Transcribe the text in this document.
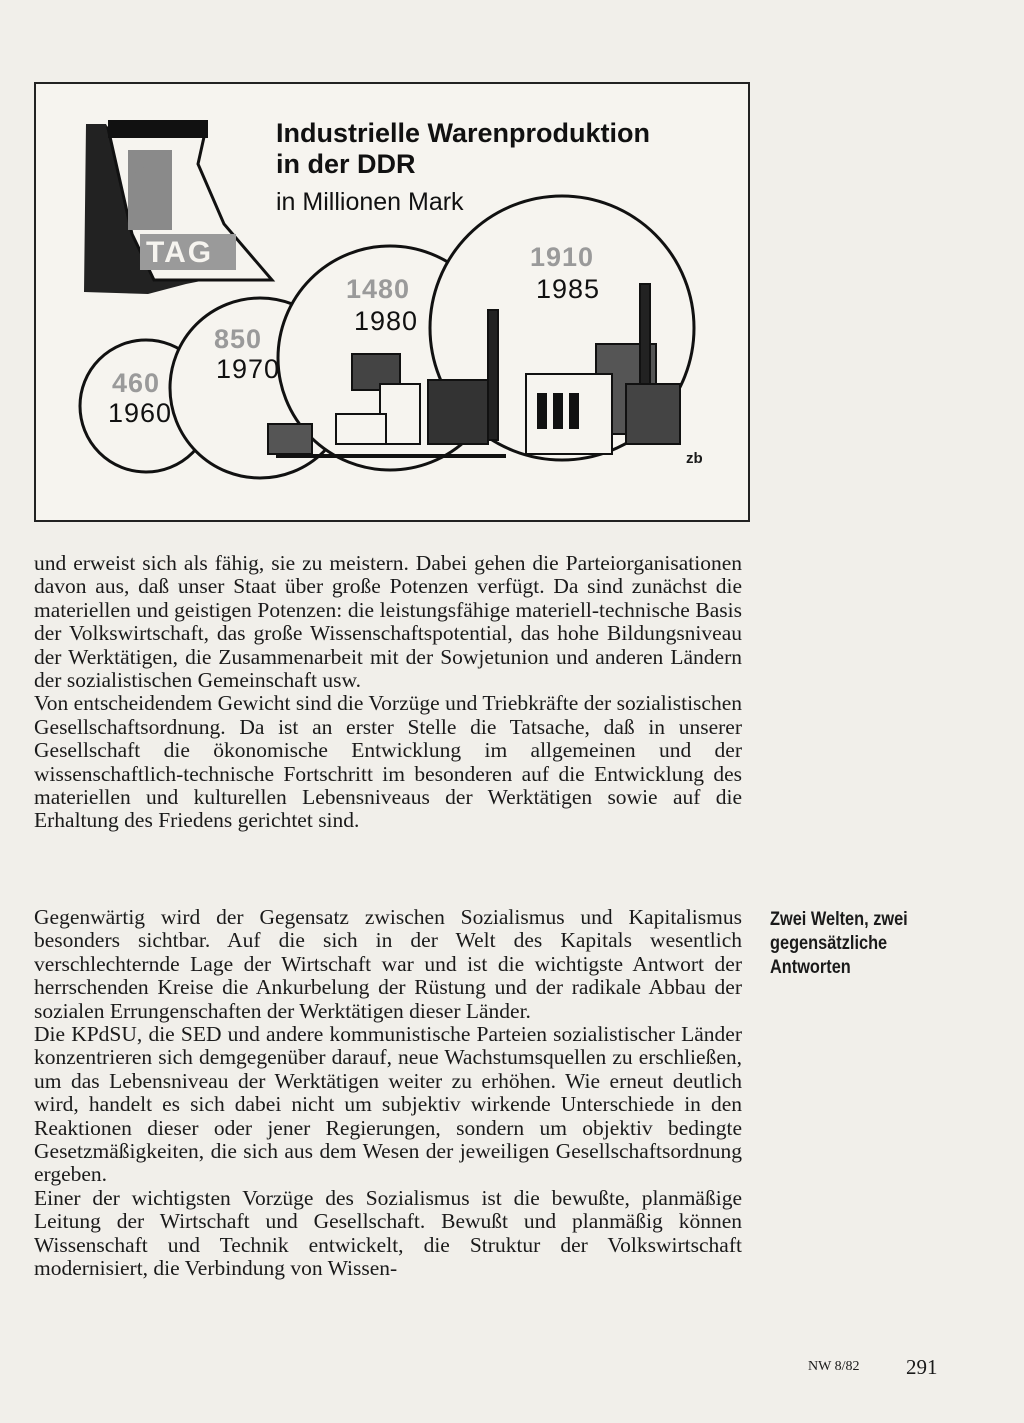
Industrielle Warenproduktion
in der DDR
in Millionen Mark
460
1960
850
1970
1480
1980
1910
1985
1
TAG
zb

und erweist sich als fähig, sie zu meistern. Dabei gehen die Parteiorganisationen davon aus, daß unser Staat über große Potenzen verfügt. Da sind zunächst die materiellen und geistigen Potenzen: die leistungsfähige materiell-technische Basis der Volkswirtschaft, das große Wissenschaftspotential, das hohe Bildungsniveau der Werktätigen, die Zusammenarbeit mit der Sowjetunion und anderen Ländern der sozialistischen Gemeinschaft usw.

Von entscheidendem Gewicht sind die Vorzüge und Triebkräfte der sozialistischen Gesellschaftsordnung. Da ist an erster Stelle die Tatsache, daß in unserer Gesellschaft die ökonomische Entwicklung im allgemeinen und der wissenschaftlich-technische Fortschritt im besonderen auf die Entwicklung des materiellen und kulturellen Lebensniveaus der Werktätigen sowie auf die Erhaltung des Friedens gerichtet sind.

Gegenwärtig wird der Gegensatz zwischen Sozialismus und Kapitalismus besonders sichtbar. Auf die sich in der Welt des Kapitals wesentlich verschlechternde Lage der Wirtschaft war und ist die wichtigste Antwort der herrschenden Kreise die Ankurbelung der Rüstung und der radikale Abbau der sozialen Errungenschaften der Werktätigen dieser Länder.

Die KPdSU, die SED und andere kommunistische Parteien sozialistischer Länder konzentrieren sich demgegenüber darauf, neue Wachstumsquellen zu erschließen, um das Lebensniveau der Werktätigen weiter zu erhöhen. Wie erneut deutlich wird, handelt es sich dabei nicht um subjektiv wirkende Unterschiede in den Reaktionen dieser oder jener Regierungen, sondern um objektiv bedingte Gesetzmäßigkeiten, die sich aus dem Wesen der jeweiligen Gesellschaftsordnung ergeben.

Einer der wichtigsten Vorzüge des Sozialismus ist die bewußte, planmäßige Leitung der Wirtschaft und Gesellschaft. Bewußt und planmäßig können Wissenschaft und Technik entwickelt, die Struktur der Volkswirtschaft modernisiert, die Verbindung von Wissen-

Zwei Welten, zwei
gegensätzliche
Antworten
NW 8/82 291
